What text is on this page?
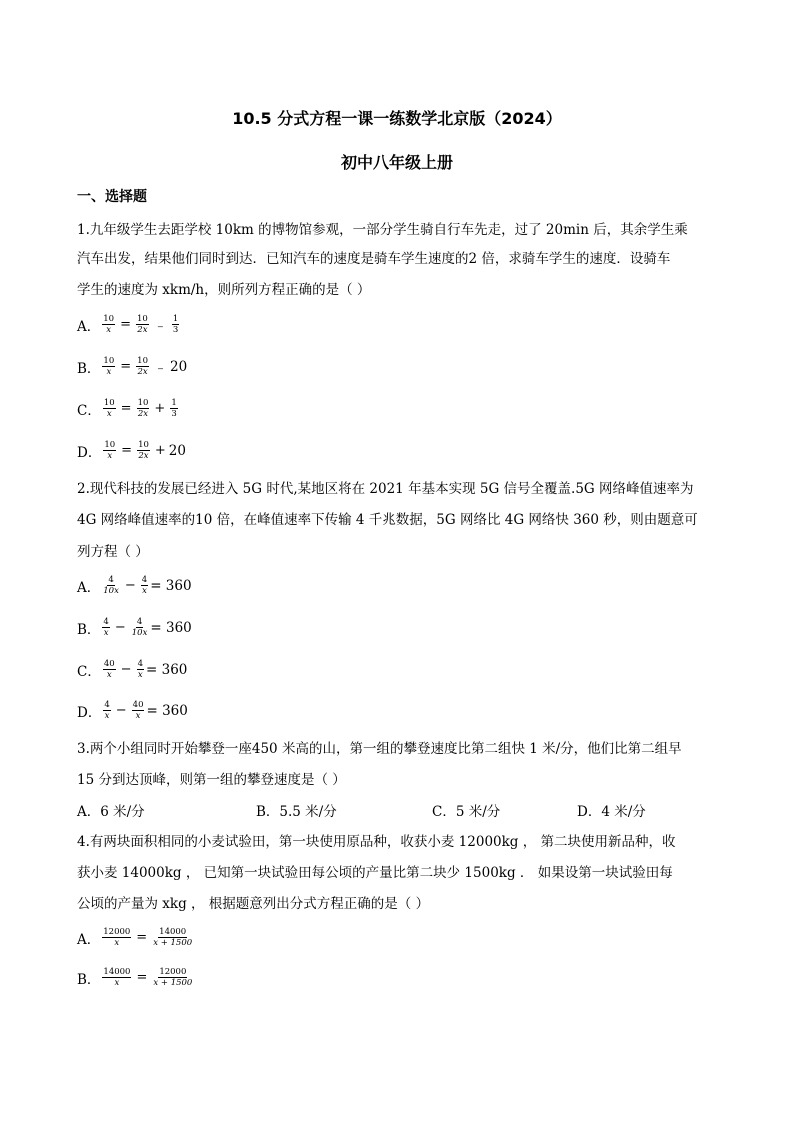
10.5 分式方程一课一练数学北京版（2024）
初中八年级上册
一、选择题
1.九年级学生去距学校 10km 的博物馆参观，一部分学生骑自行车先走，过了 20min 后，其余学生乘
汽车出发，结果他们同时到达．已知汽车的速度是骑车学生速度的2 倍，求骑车学生的速度．设骑车
学生的速度为 xkm/h，则所列方程正确的是（ ）
A． $\frac{10}{x} = \frac{10}{2x}$ ﹣ $\frac{1}{3}$
B． $\frac{10}{x} = \frac{10}{2x}$ ﹣ 20
C． $\frac{10}{x} = \frac{10}{2x} + \frac{1}{3}$
D． $\frac{10}{x} = \frac{10}{2x} + 20$
2.现代科技的发展已经进入 5G 时代,某地区将在 2021 年基本实现 5G 信号全覆盖.5G 网络峰值速率为
4G 网络峰值速率的10 倍，在峰值速率下传输 4 千兆数据，5G 网络比 4G 网络快 360 秒，则由题意可
列方程（ ）
A． $\frac{4}{10x} - \frac{4}{x} = 360$
B． $\frac{4}{x} - \frac{4}{10x} = 360$
C． $\frac{40}{x} - \frac{4}{x} = 360$
D． $\frac{4}{x} - \frac{40}{x} = 360$
3.两个小组同时开始攀登一座450 米高的山，第一组的攀登速度比第二组快 1 米/分，他们比第二组早
15 分到达顶峰，则第一组的攀登速度是（ ）
A．6 米/分	B．5.5 米/分	C．5 米/分	D．4 米/分
4.有两块面积相同的小麦试验田，第一块使用原品种，收获小麦 12000kg ， 第二块使用新品种，收
获小麦 14000kg ， 已知第一块试验田每公顷的产量比第二块少 1500kg ． 如果设第一块试验田每
公顷的产量为 xkg ， 根据题意列出分式方程正确的是（ ）
A． $\frac{12000}{x} = \frac{14000}{x + 1500}$
B． $\frac{14000}{x} = \frac{12000}{x + 1500}$
